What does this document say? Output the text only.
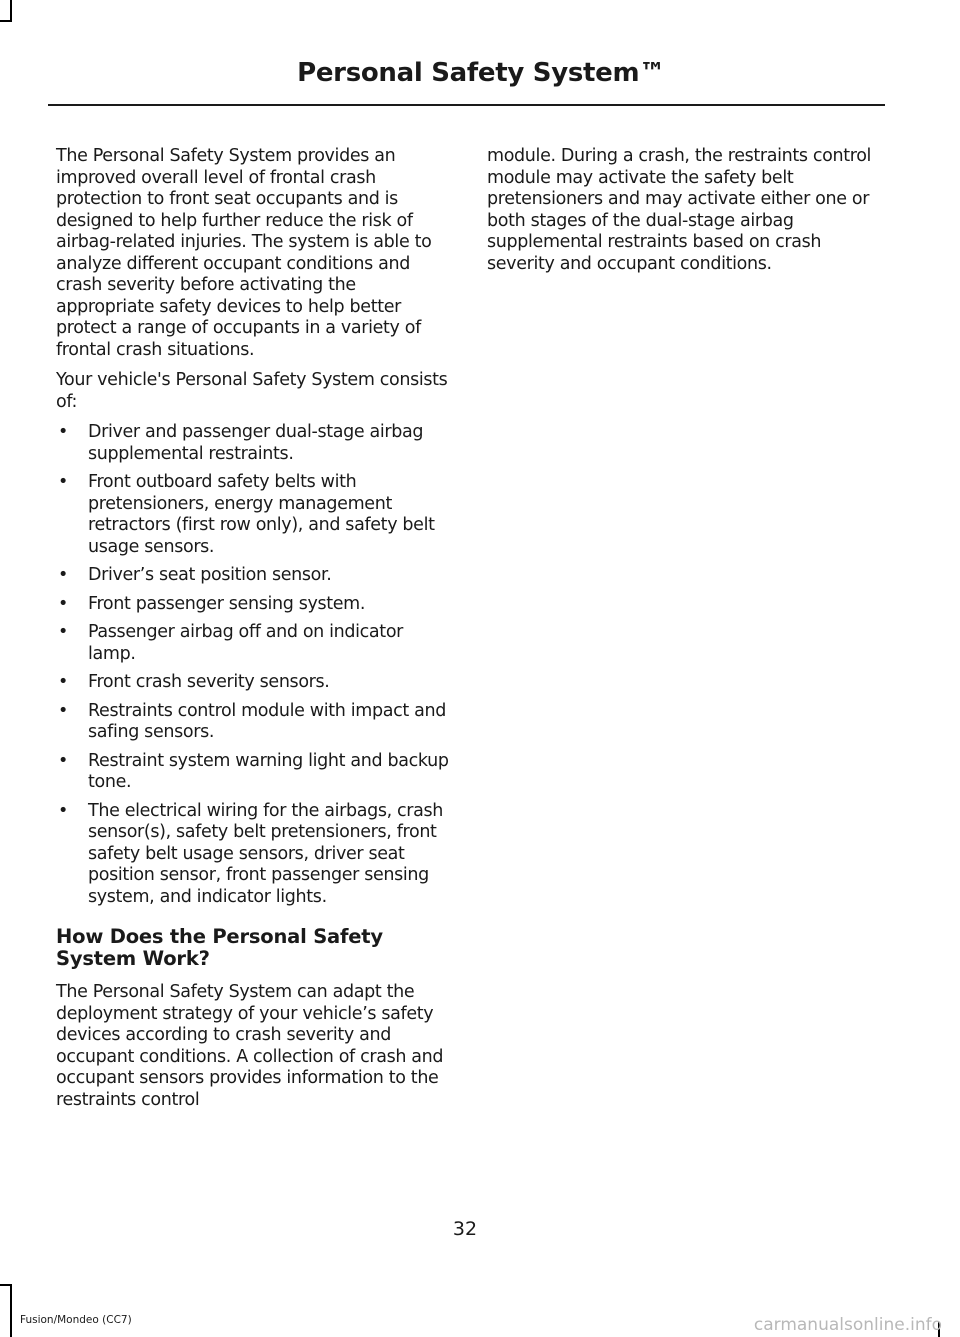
Personal Safety System™

The Personal Safety System provides an improved overall level of frontal crash protection to front seat occupants and is designed to help further reduce the risk of airbag-related injuries. The system is able to analyze different occupant conditions and crash severity before activating the appropriate safety devices to help better protect a range of occupants in a variety of frontal crash situations.

Your vehicle's Personal Safety System consists of:

• Driver and passenger dual-stage airbag supplemental restraints.
• Front outboard safety belts with pretensioners, energy management retractors (first row only), and safety belt usage sensors.
• Driver’s seat position sensor.
• Front passenger sensing system.
• Passenger airbag off and on indicator lamp.
• Front crash severity sensors.
• Restraints control module with impact and safing sensors.
• Restraint system warning light and backup tone.
• The electrical wiring for the airbags, crash sensor(s), safety belt pretensioners, front safety belt usage sensors, driver seat position sensor, front passenger sensing system, and indicator lights.
How Does the Personal Safety System Work?

The Personal Safety System can adapt the deployment strategy of your vehicle’s safety devices according to crash severity and occupant conditions. A collection of crash and occupant sensors provides information to the restraints control

module. During a crash, the restraints control module may activate the safety belt pretensioners and may activate either one or both stages of the dual-stage airbag supplemental restraints based on crash severity and occupant conditions.

32
Fusion/Mondeo (CC7)	carmanualsonline.info
